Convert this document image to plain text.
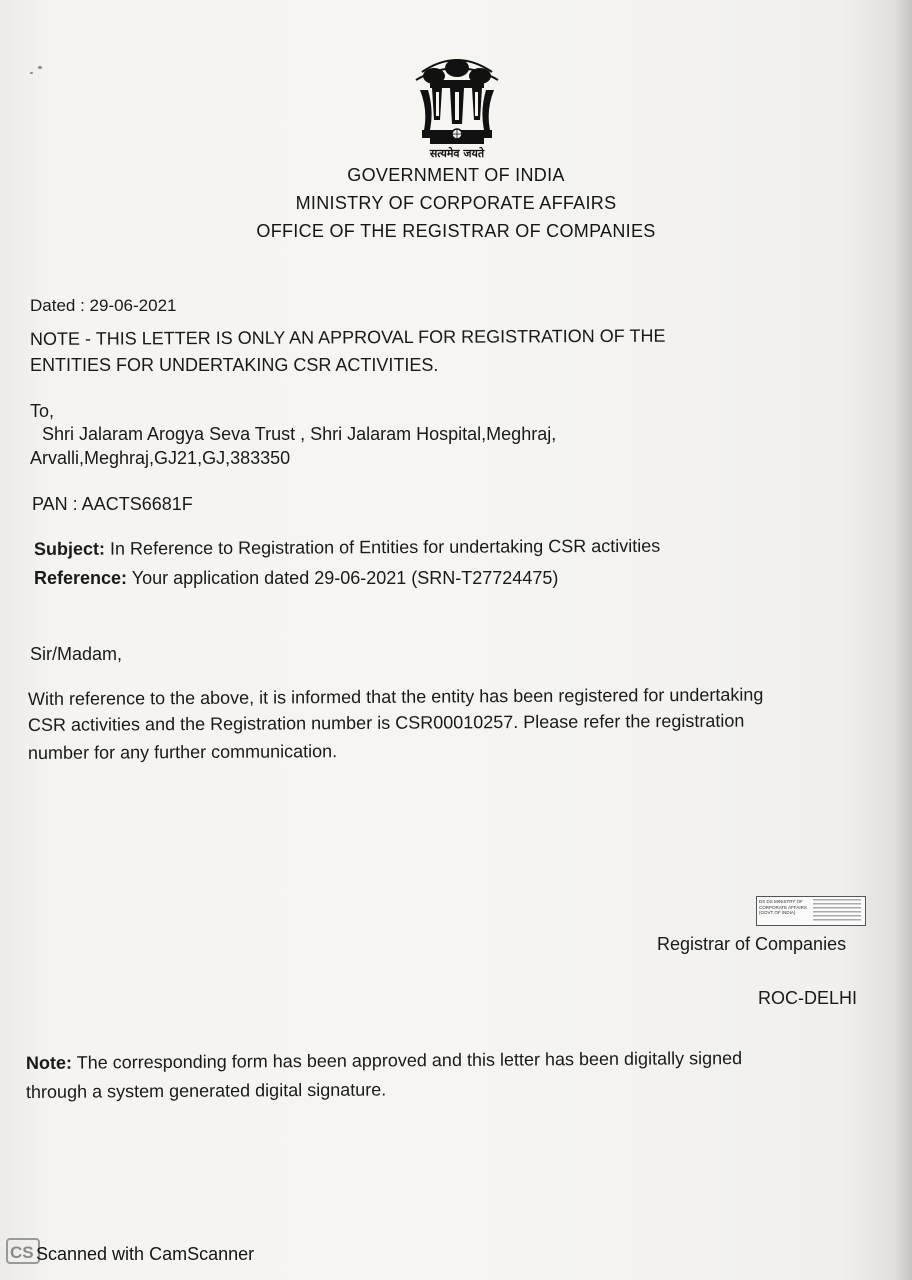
सत्यमेव जयते
GOVERNMENT OF INDIA
MINISTRY OF CORPORATE AFFAIRS
OFFICE OF THE REGISTRAR OF COMPANIES
Dated : 29-06-2021
NOTE - THIS LETTER IS ONLY AN APPROVAL FOR REGISTRATION OF THE
ENTITIES FOR UNDERTAKING CSR ACTIVITIES.
To,
Shri Jalaram Arogya Seva Trust , Shri Jalaram Hospital,Meghraj,
Arvalli,Meghraj,GJ21,GJ,383350
PAN : AACTS6681F
Subject: In Reference to Registration of Entities for undertaking CSR activities
Reference: Your application dated 29-06-2021 (SRN-T27724475)
Sir/Madam,
With reference to the above, it is informed that the entity has been registered for undertaking
CSR activities and the Registration number is CSR00010257. Please refer the registration
number for any further communication.
DS DS MINISTRY OF CORPORATE AFFAIRS (GOVT OF INDIA)
Registrar of Companies
ROC-DELHI
Note: The corresponding form has been approved and this letter has been digitally signed
through a system generated digital signature.
CS Scanned with CamScanner
